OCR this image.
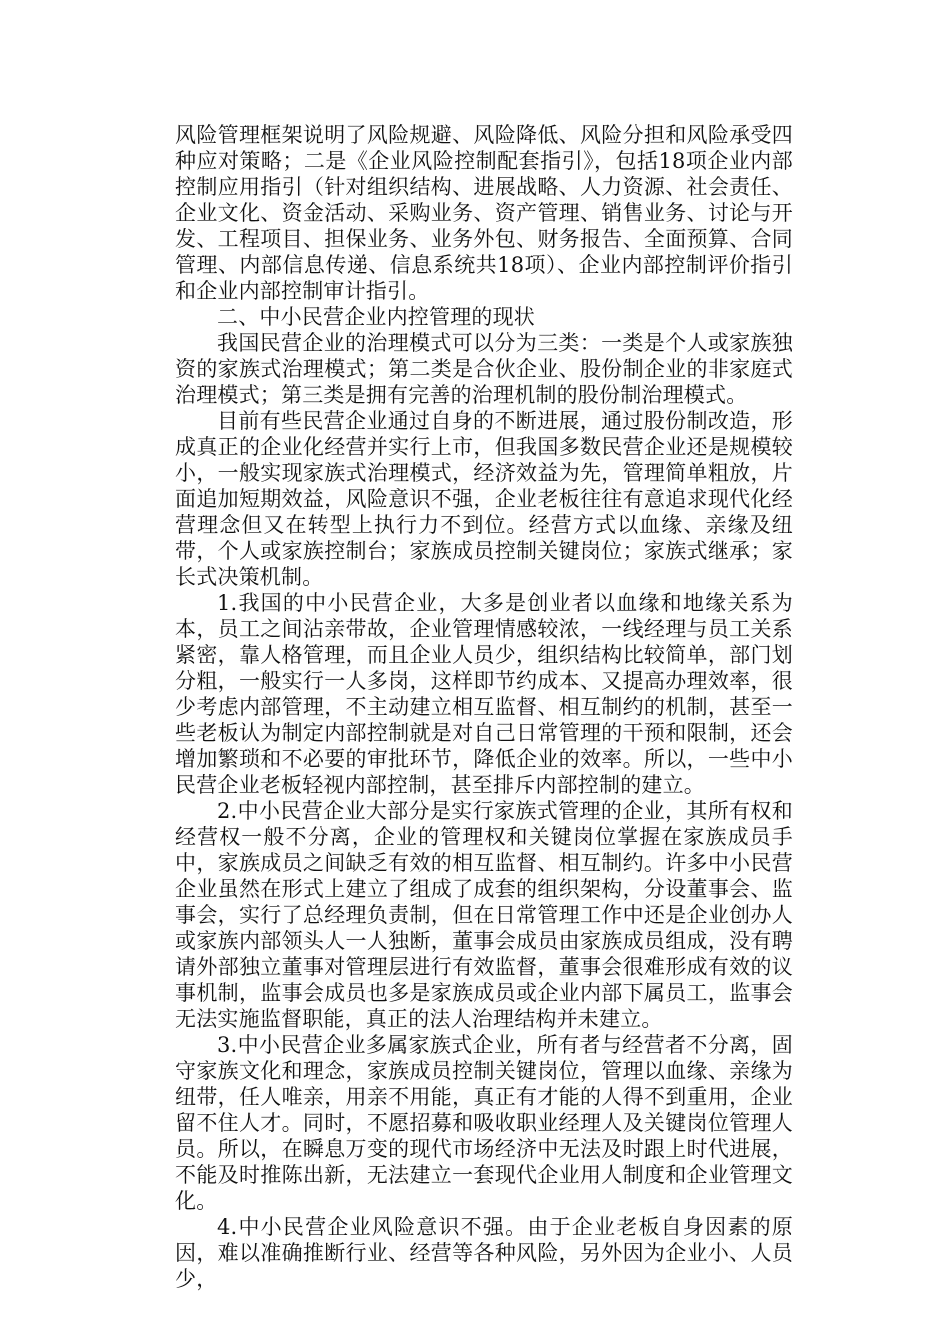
风险管理框架说明了风险规避、风险降低、风险分担和风险承受四种应对策略；二是《企业风险控制配套指引》，包括18项企业内部控制应用指引（针对组织结构、进展战略、人力资源、社会责任、企业文化、资金活动、采购业务、资产管理、销售业务、讨论与开发、工程项目、担保业务、业务外包、财务报告、全面预算、合同管理、内部信息传递、信息系统共18项）、企业内部控制评价指引和企业内部控制审计指引。

二、中小民营企业内控管理的现状

我国民营企业的治理模式可以分为三类：一类是个人或家族独资的家族式治理模式；第二类是合伙企业、股份制企业的非家庭式治理模式；第三类是拥有完善的治理机制的股份制治理模式。

目前有些民营企业通过自身的不断进展，通过股份制改造，形成真正的企业化经营并实行上市，但我国多数民营企业还是规模较小，一般实现家族式治理模式，经济效益为先，管理简单粗放，片面追加短期效益，风险意识不强，企业老板往往有意追求现代化经营理念但又在转型上执行力不到位。经营方式以血缘、亲缘及纽带，个人或家族控制台；家族成员控制关键岗位；家族式继承；家长式决策机制。

1.我国的中小民营企业，大多是创业者以血缘和地缘关系为本，员工之间沾亲带故，企业管理情感较浓，一线经理与员工关系紧密，靠人格管理，而且企业人员少，组织结构比较简单，部门划分粗，一般实行一人多岗，这样即节约成本、又提高办理效率，很少考虑内部管理，不主动建立相互监督、相互制约的机制，甚至一些老板认为制定内部控制就是对自己日常管理的干预和限制，还会增加繁琐和不必要的审批环节，降低企业的效率。所以，一些中小民营企业老板轻视内部控制，甚至排斥内部控制的建立。

2.中小民营企业大部分是实行家族式管理的企业，其所有权和经营权一般不分离，企业的管理权和关键岗位掌握在家族成员手中，家族成员之间缺乏有效的相互监督、相互制约。许多中小民营企业虽然在形式上建立了组成了成套的组织架构，分设董事会、监事会，实行了总经理负责制，但在日常管理工作中还是企业创办人或家族内部领头人一人独断，董事会成员由家族成员组成，没有聘请外部独立董事对管理层进行有效监督，董事会很难形成有效的议事机制，监事会成员也多是家族成员或企业内部下属员工，监事会无法实施监督职能，真正的法人治理结构并未建立。

3.中小民营企业多属家族式企业，所有者与经营者不分离，固守家族文化和理念，家族成员控制关键岗位，管理以血缘、亲缘为纽带，任人唯亲，用亲不用能，真正有才能的人得不到重用，企业留不住人才。同时，不愿招募和吸收职业经理人及关键岗位管理人员。所以，在瞬息万变的现代市场经济中无法及时跟上时代进展，不能及时推陈出新，无法建立一套现代企业用人制度和企业管理文化。

4.中小民营企业风险意识不强。由于企业老板自身因素的原因，难以准确推断行业、经营等各种风险，另外因为企业小、人员少，
